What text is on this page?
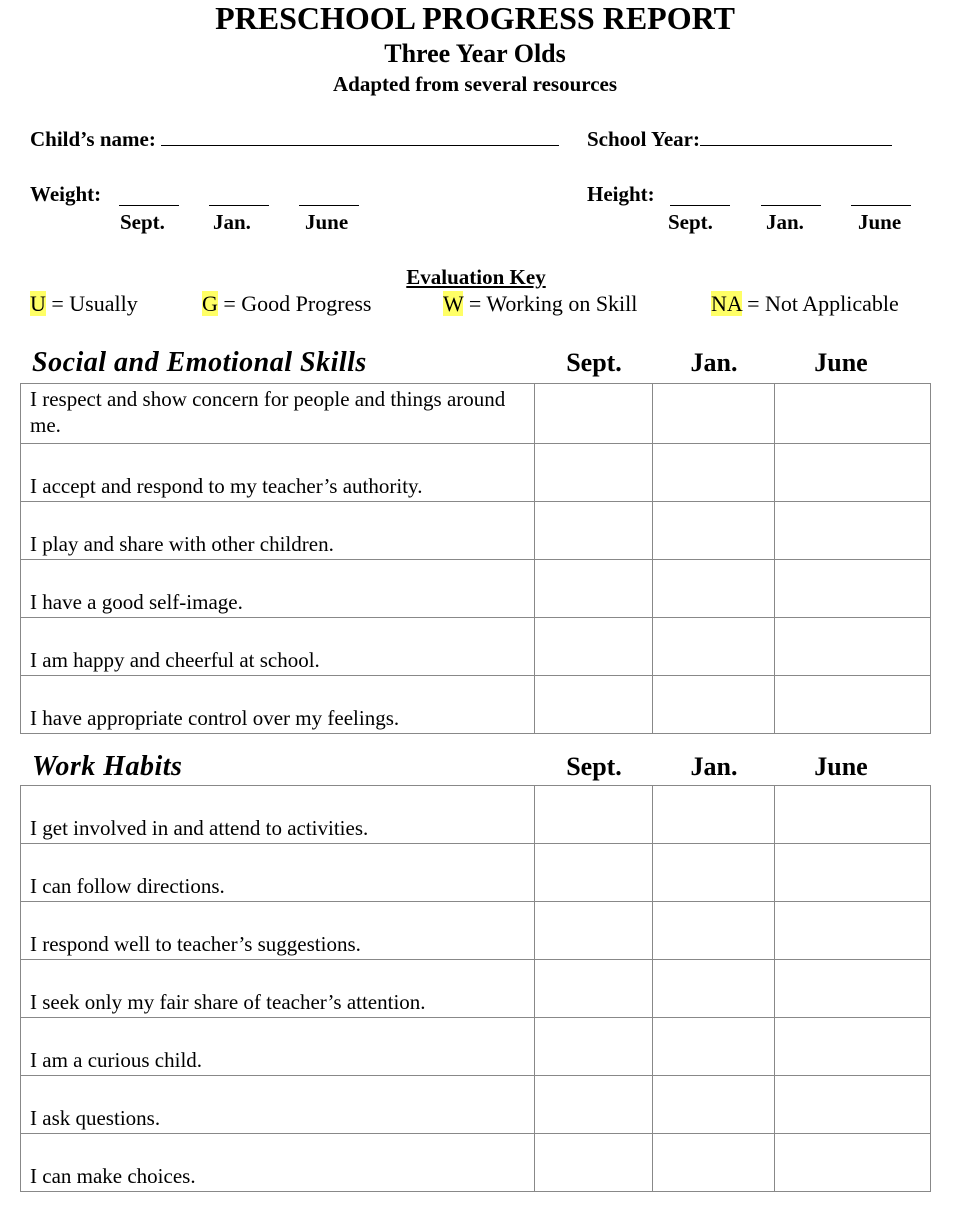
PRESCHOOL PROGRESS REPORT
Three Year Olds
Adapted from several resources
Child’s name:	School Year:
Weight:
Sept. Jan.	June
Height:
Sept.	Jan.	June
Evaluation Key
U = Usually	G = Good Progress	W = Working on Skill	NA = Not Applicable
Social and Emotional Skills	Sept.	Jan.	June
I respect and show concern for people and things around me.			
I accept and respond to my teacher’s authority.			
I play and share with other children.			
I have a good self-image.			
I am happy and cheerful at school.			
I have appropriate control over my feelings.			
Work Habits	Sept.	Jan.	June
I get involved in and attend to activities.			
I can follow directions.			
I respond well to teacher’s suggestions.			
I seek only my fair share of teacher’s attention.			
I am a curious child.			
I ask questions.			
I can make choices.			
